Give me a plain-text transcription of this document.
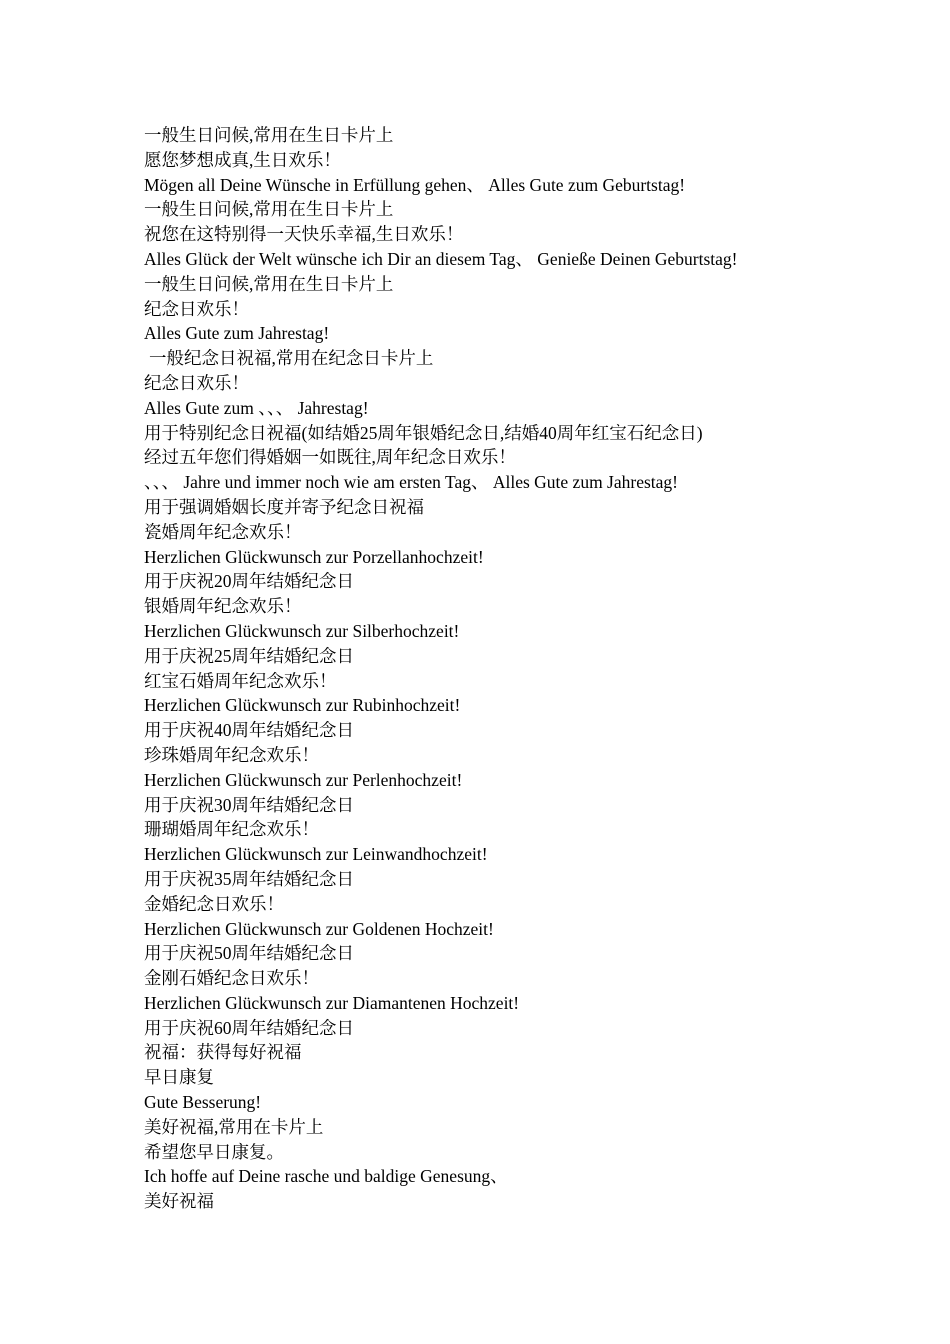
一般生日问候,常用在生日卡片上

愿您梦想成真,生日欢乐！

Mögen all Deine Wünsche in Erfüllung gehen、 Alles Gute zum Geburtstag!

一般生日问候,常用在生日卡片上

祝您在这特别得一天快乐幸福,生日欢乐！

Alles Glück der Welt wünsche ich Dir an diesem Tag、 Genieße Deinen Geburtstag!

一般生日问候,常用在生日卡片上

纪念日欢乐！

Alles Gute zum Jahrestag!

一般纪念日祝福,常用在纪念日卡片上

纪念日欢乐！

Alles Gute zum 、、、 Jahrestag!

用于特别纪念日祝福(如结婚25周年银婚纪念日,结婚40周年红宝石纪念日)

经过五年您们得婚姻一如既往,周年纪念日欢乐！

、、、 Jahre und immer noch wie am ersten Tag、 Alles Gute zum Jahrestag!

用于强调婚姻长度并寄予纪念日祝福

瓷婚周年纪念欢乐！

Herzlichen Glückwunsch zur Porzellanhochzeit!

用于庆祝20周年结婚纪念日

银婚周年纪念欢乐！

Herzlichen Glückwunsch zur Silberhochzeit!

用于庆祝25周年结婚纪念日

红宝石婚周年纪念欢乐！

Herzlichen Glückwunsch zur Rubinhochzeit!

用于庆祝40周年结婚纪念日

珍珠婚周年纪念欢乐！

Herzlichen Glückwunsch zur Perlenhochzeit!

用于庆祝30周年结婚纪念日

珊瑚婚周年纪念欢乐！

Herzlichen Glückwunsch zur Leinwandhochzeit!

用于庆祝35周年结婚纪念日

金婚纪念日欢乐！

Herzlichen Glückwunsch zur Goldenen Hochzeit!

用于庆祝50周年结婚纪念日

金刚石婚纪念日欢乐！

Herzlichen Glückwunsch zur Diamantenen Hochzeit!

用于庆祝60周年结婚纪念日

祝福：获得每好祝福

早日康复

Gute Besserung!

美好祝福,常用在卡片上

希望您早日康复。

Ich hoffe auf Deine rasche und baldige Genesung、

美好祝福
